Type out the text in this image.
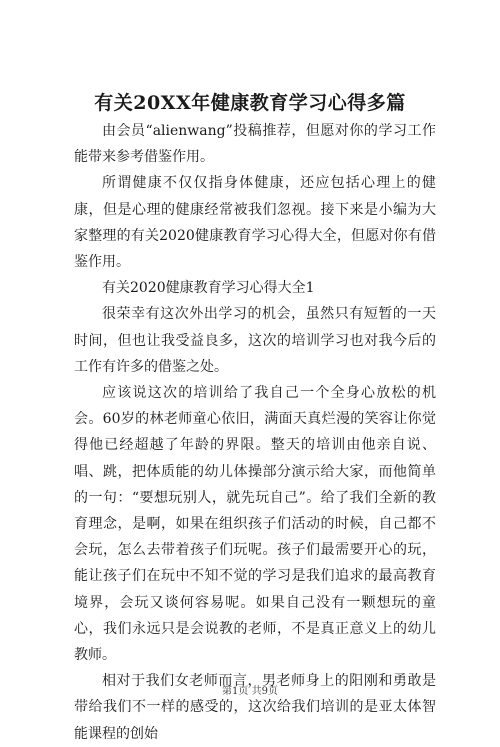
有关20XX年健康教育学习心得多篇

由会员“alienwang”投稿推荐，但愿对你的学习工作能带来参考借鉴作用。

所谓健康不仅仅指身体健康，还应包括心理上的健康，但是心理的健康经常被我们忽视。接下来是小编为大家整理的有关2020健康教育学习心得大全，但愿对你有借鉴作用。

有关2020健康教育学习心得大全1

很荣幸有这次外出学习的机会，虽然只有短暂的一天时间，但也让我受益良多，这次的培训学习也对我今后的工作有许多的借鉴之处。

应该说这次的培训给了我自己一个全身心放松的机会。60岁的林老师童心依旧，满面天真烂漫的笑容让你觉得他已经超越了年龄的界限。整天的培训由他亲自说、唱、跳，把体质能的幼儿体操部分演示给大家，而他简单的一句：“要想玩别人，就先玩自己”。给了我们全新的教育理念，是啊，如果在组织孩子们活动的时候，自己都不会玩，怎么去带着孩子们玩呢。孩子们最需要开心的玩，能让孩子们在玩中不知不觉的学习是我们追求的最高教育境界，会玩又谈何容易呢。如果自己没有一颗想玩的童心，我们永远只是会说教的老师，不是真正意义上的幼儿教师。

相对于我们女老师而言，男老师身上的阳刚和勇敢是带给我们不一样的感受的，这次给我们培训的是亚太体智能课程的创始

第1页 共9页
